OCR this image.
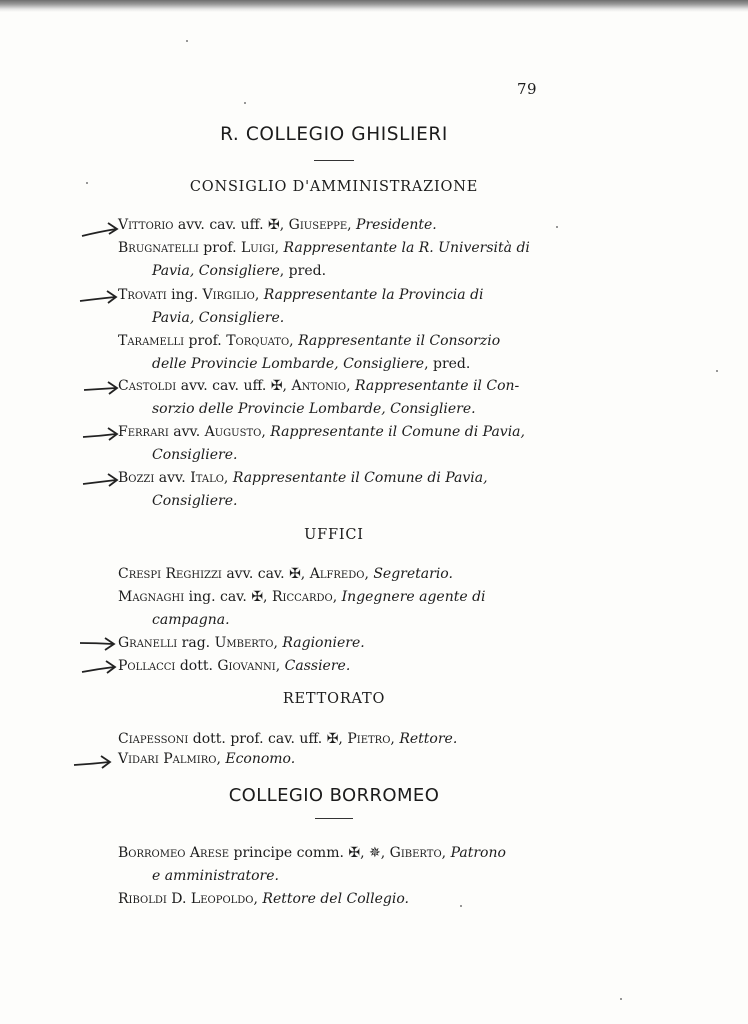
79
R. COLLEGIO GHISLIERI
CONSIGLIO D'AMMINISTRAZIONE
Vittorio avv. cav. uff. ✠, Giuseppe, Presidente.
Brugnatelli prof. Luigi, Rappresentante la R. Università di
Pavia, Consigliere, pred.
Trovati ing. Virgilio, Rappresentante la Provincia di
Pavia, Consigliere.
Taramelli prof. Torquato, Rappresentante il Consorzio
delle Provincie Lombarde, Consigliere, pred.
Castoldi avv. cav. uff. ✠, Antonio, Rappresentante il Con-
sorzio delle Provincie Lombarde, Consigliere.
Ferrari avv. Augusto, Rappresentante il Comune di Pavia,
Consigliere.
Bozzi avv. Italo, Rappresentante il Comune di Pavia,
Consigliere.
UFFICI
Crespi Reghizzi avv. cav. ✠, Alfredo, Segretario.
Magnaghi ing. cav. ✠, Riccardo, Ingegnere agente di
campagna.
Granelli rag. Umberto, Ragioniere.
Pollacci dott. Giovanni, Cassiere.
RETTORATO
Ciapessoni dott. prof. cav. uff. ✠, Pietro, Rettore.
Vidari Palmiro, Economo.
COLLEGIO BORROMEO
Borromeo Arese principe comm. ✠, ✵, Giberto, Patrono
e amministratore.
Riboldi D. Leopoldo, Rettore del Collegio.
